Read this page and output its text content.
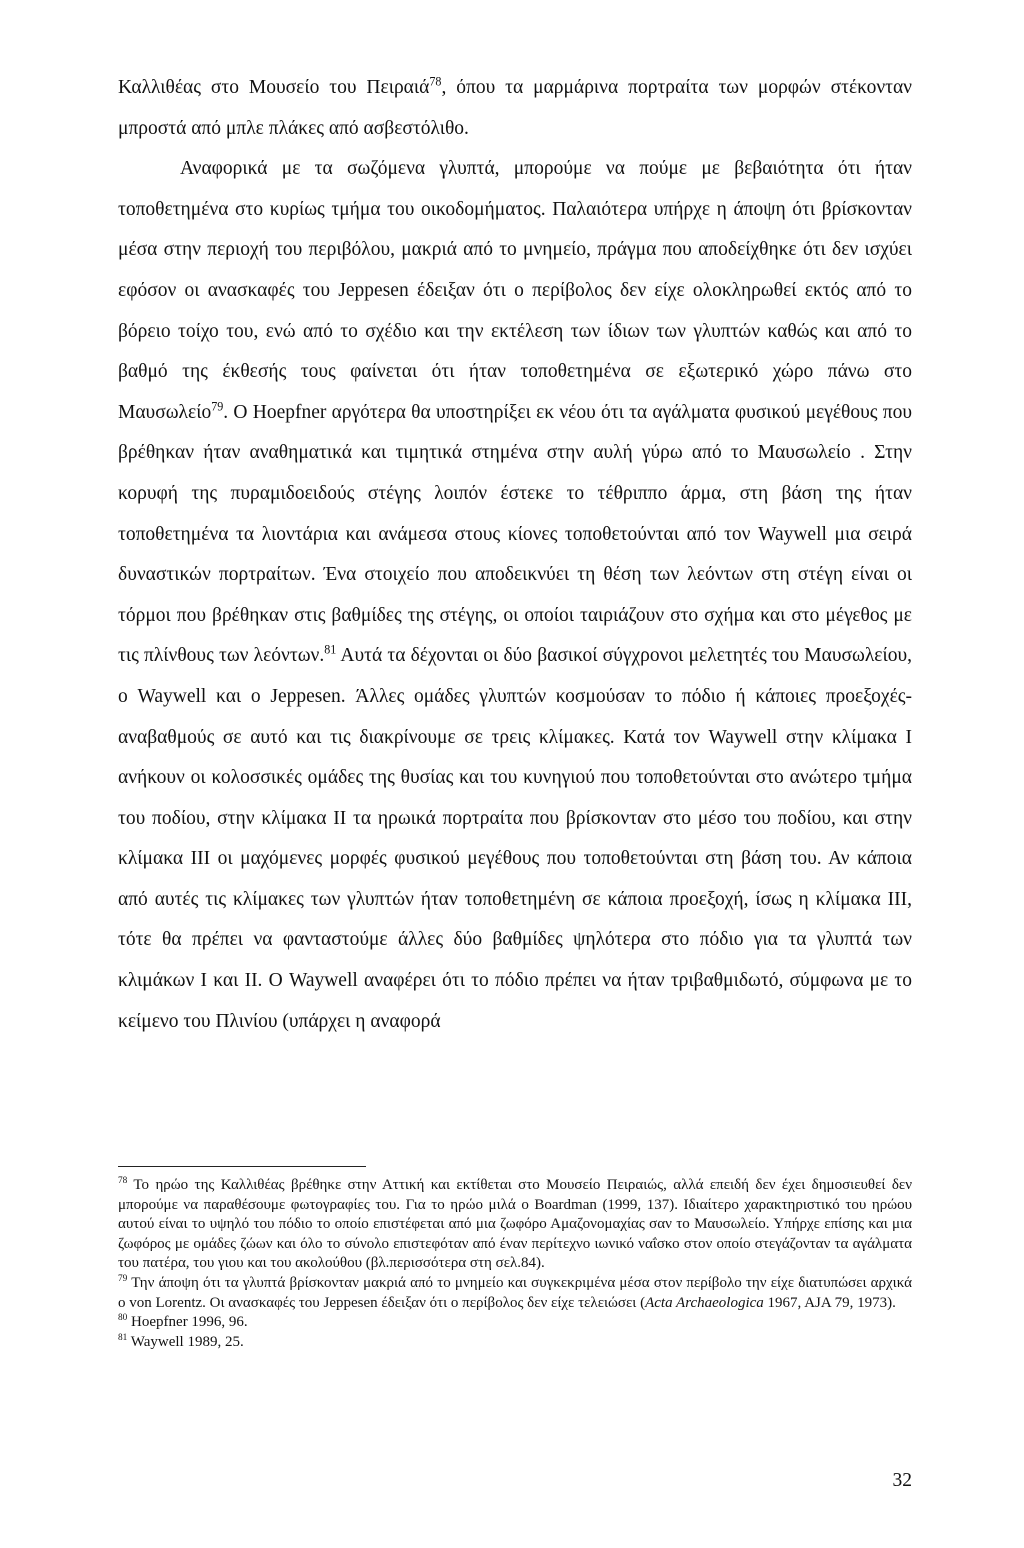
Καλλιθέας στο Μουσείο του Πειραιά$^{78}$, όπου τα μαρμάρινα πορτραίτα των μορφών στέκονταν μπροστά από μπλε πλάκες από ασβεστόλιθο.
Αναφορικά με τα σωζόμενα γλυπτά, μπορούμε να πούμε με βεβαιότητα ότι ήταν τοποθετημένα στο κυρίως τμήμα του οικοδομήματος. Παλαιότερα υπήρχε η άποψη ότι βρίσκονταν μέσα στην περιοχή του περιβόλου, μακριά από το μνημείο, πράγμα που αποδείχθηκε ότι δεν ισχύει εφόσον οι ανασκαφές του Jeppesen έδειξαν ότι ο περίβολος δεν είχε ολοκληρωθεί εκτός από το βόρειο τοίχο του, ενώ από το σχέδιο και την εκτέλεση των ίδιων των γλυπτών καθώς και από το βαθμό της έκθεσής τους φαίνεται ότι ήταν τοποθετημένα σε εξωτερικό χώρο πάνω στο Μαυσωλείο$^{79}$. Ο Hoepfner αργότερα θα υποστηρίξει εκ νέου ότι τα αγάλματα φυσικού μεγέθους που βρέθηκαν ήταν αναθηματικά και τιμητικά στημένα στην αυλή γύρω από το Μαυσωλείο . Στην κορυφή της πυραμιδοειδούς στέγης λοιπόν έστεκε το τέθριππο άρμα, στη βάση της ήταν τοποθετημένα τα λιοντάρια και ανάμεσα στους κίονες τοποθετούνται από τον Waywell μια σειρά δυναστικών πορτραίτων. Ένα στοιχείο που αποδεικνύει τη θέση των λεόντων στη στέγη είναι οι τόρμοι που βρέθηκαν στις βαθμίδες της στέγης, οι οποίοι ταιριάζουν στο σχήμα και στο μέγεθος με τις πλίνθους των λεόντων.$^{81}$ Αυτά τα δέχονται οι δύο βασικοί σύγχρονοι μελετητές του Μαυσωλείου, ο Waywell και ο Jeppesen. Άλλες ομάδες γλυπτών κοσμούσαν το πόδιο ή κάποιες προεξοχές-αναβαθμούς σε αυτό και τις διακρίνουμε σε τρεις κλίμακες. Κατά τον Waywell στην κλίμακα I ανήκουν οι κολοσσικές ομάδες της θυσίας και του κυνηγιού που τοποθετούνται στο ανώτερο τμήμα του ποδίου, στην κλίμακα II τα ηρωικά πορτραίτα που βρίσκονταν στο μέσο του ποδίου, και στην κλίμακα III οι μαχόμενες μορφές φυσικού μεγέθους που τοποθετούνται στη βάση του. Αν κάποια από αυτές τις κλίμακες των γλυπτών ήταν τοποθετημένη σε κάποια προεξοχή, ίσως η κλίμακα III, τότε θα πρέπει να φανταστούμε άλλες δύο βαθμίδες ψηλότερα στο πόδιο για τα γλυπτά των κλιμάκων I και II. Ο Waywell αναφέρει ότι το πόδιο πρέπει να ήταν τριβαθμιδωτό, σύμφωνα με το κείμενο του Πλινίου (υπάρχει η αναφορά

$^{78}$ Το ηρώο της Καλλιθέας βρέθηκε στην Αττική και εκτίθεται στο Μουσείο Πειραιώς, αλλά επειδή δεν έχει δημοσιευθεί δεν μπορούμε να παραθέσουμε φωτογραφίες του. Για το ηρώο μιλά ο Boardman (1999, 137). Ιδιαίτερο χαρακτηριστικό του ηρώου αυτού είναι το υψηλό του πόδιο το οποίο επιστέφεται από μια ζωφόρο Αμαζονομαχίας σαν το Μαυσωλείο. Υπήρχε επίσης και μια ζωφόρος με ομάδες ζώων και όλο το σύνολο επιστεφόταν από έναν περίτεχνο ιωνικό ναΐσκο στον οποίο στεγάζονταν τα αγάλματα του πατέρα, του γιου και του ακολούθου (βλ.περισσότερα στη σελ.84).

$^{79}$ Την άποψη ότι τα γλυπτά βρίσκονταν μακριά από το μνημείο και συγκεκριμένα μέσα στον περίβολο την είχε διατυπώσει αρχικά ο von Lorentz. Οι ανασκαφές του Jeppesen έδειξαν ότι ο περίβολος δεν είχε τελειώσει (Acta Archaeologica 1967, AJA 79, 1973).

$^{80}$ Hoepfner 1996, 96.

$^{81}$ Waywell 1989, 25.

32
